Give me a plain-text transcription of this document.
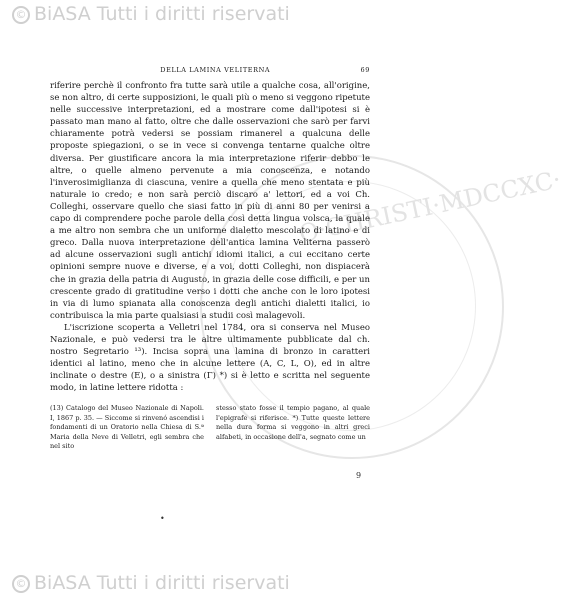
© BiASA Tutti i diritti riservati
O·CHRISTI·MDCCXC·
DELLA LAMINA VELITERNA	69

riferire perchè il confronto fra tutte sarà utile a qualche cosa, all'origine, se non altro, di certe supposizioni, le quali più o meno si veggono ripetute nelle successive interpretazioni, ed a mostrare come dall'ipotesi si è passato man mano al fatto, oltre che dalle osservazioni che sarò per farvi chiaramente potrà vedersi se possiam rimanerel a qualcuna delle proposte spiegazioni, o se in vece si convenga tentarne qualche oltre diversa. Per giustificare ancora la mia interpretazione riferir debbo le altre, o quelle almeno pervenute a mia conoscenza, e notando l'inverosimiglianza di ciascuna, venire a quella che meno stentata e più naturale io credo; e non sarà perciò discaro a' lettori, ed a voi Ch. Colleghi, osservare quello che siasi fatto in più di anni 80 per venirsi a capo di comprendere poche parole della così detta lingua volsca, la quale a me altro non sembra che un uniforme dialetto mescolato di latino e di greco. Dalla nuova interpretazione dell'antica lamina Veliterna passerò ad alcune osservazioni sugli antichi idiomi italici, a cui eccitano certe opinioni sempre nuove e diverse, e a voi, dotti Colleghi, non dispiacerà che in grazia della patria di Augusto, in grazia delle cose difficili, e per un crescente grado di gratitudine verso i dotti che anche con le loro ipotesi in via di lumo spianata alla conoscenza degli antichi dialetti italici, io contribuisca la mia parte qualsiasi a studii così malagevoli.

L'iscrizione scoperta a Velletri nel 1784, ora si conserva nel Museo Nazionale, e può vedersi tra le altre ultimamente pubblicate dal ch. nostro Segretario ¹³). Incisa sopra una lamina di bronzo in caratteri identici al latino, meno che in alcune lettere (A, C, L, O), ed in altre inclinate o destre (E), o a sinistra (Γ) *) si è letto e scritta nel seguente modo, in latine lettere ridotta :

(13) Catalogo del Museo Nazionale di Napoli. I, 1867 p. 35. — Siccome si rinvenó ascendisi i fondamenti di un Oratorio nella Chiesa di S.ª Maria della Neve di Velletri, egli sembra che nel sito
stesso stato fosse il tempio pagano, al quale l'epigrafe si riferisce. *) Tutte queste lettere nella dura forma si veggono in altri greci alfabeti, in occasione dell'a, segnato come un
9
•
© BiASA Tutti i diritti riservati
